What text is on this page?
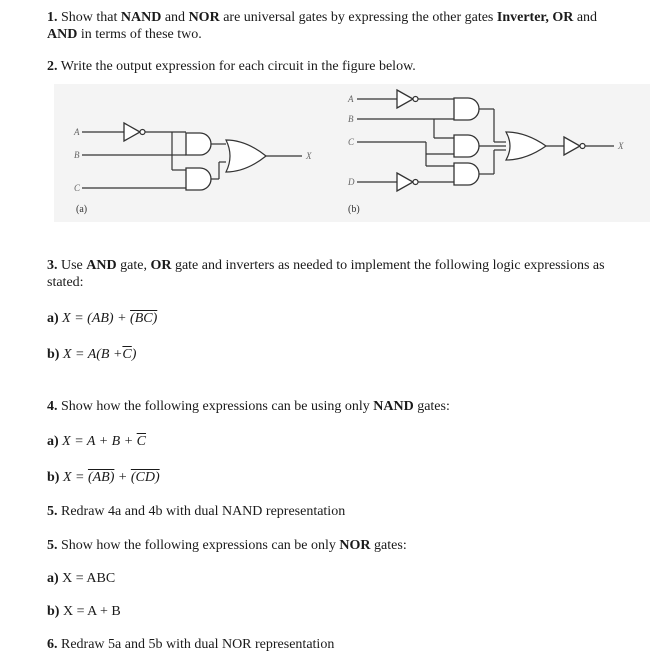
1. Show that NAND and NOR are universal gates by expressing the other gates Inverter, OR and
AND in terms of these two.
2. Write the output expression for each circuit in the figure below.
A
B
C
X
(a)
A
B
C
D
X
(b)
3. Use AND gate, OR gate and inverters as needed to implement the following logic expressions as
stated:
a) X = (AB) + (BC)
b) $X = A(B +\overline{C})$
4. Show how the following expressions can be using only NAND gates:
a) $X = A + B + \overline{C}$
b) X = (AB) + (CD)
5. Redraw 4a and 4b with dual NAND representation
5. Show how the following expressions can be only NOR gates:
a) X = ABC
b) X = A + B
6. Redraw 5a and 5b with dual NOR representation
